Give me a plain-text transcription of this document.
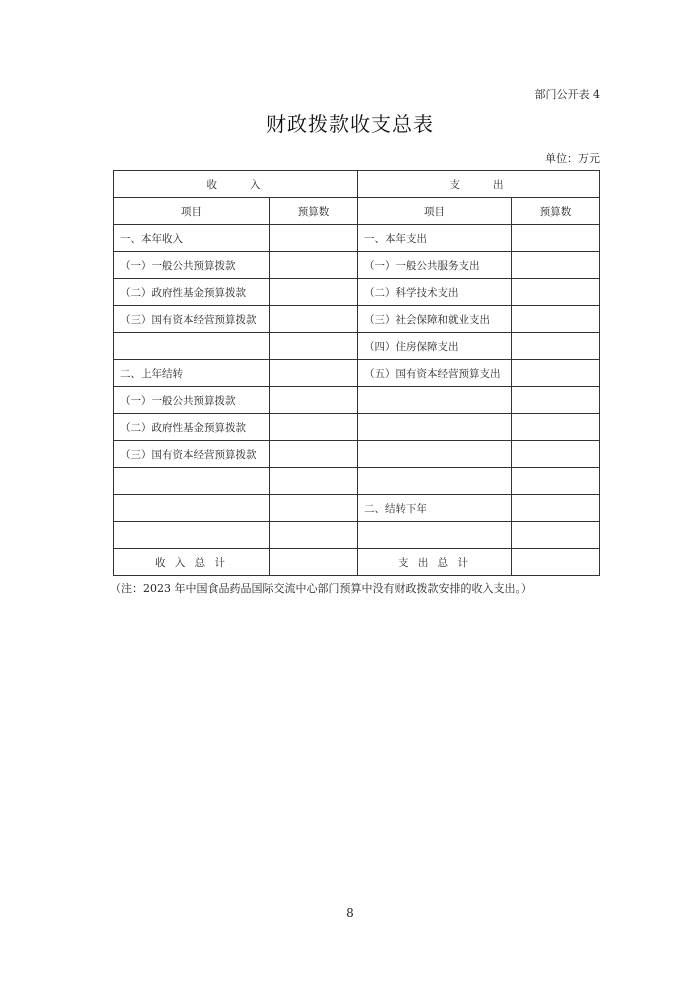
部门公开表 4
财政拨款收支总表
单位：万元
收　　入		支　　出	
项目	预算数	项目	预算数
一、本年收入		一、本年支出	
（一）一般公共预算拨款		（一）一般公共服务支出	
（二）政府性基金预算拨款		（二）科学技术支出	
（三）国有资本经营预算拨款		（三）社会保障和就业支出	
		（四）住房保障支出	
二、上年结转		（五）国有资本经营预算支出	
（一）一般公共预算拨款			
（二）政府性基金预算拨款			
（三）国有资本经营预算拨款			

		二、结转下年	

收 入 总 计		支 出 总 计	
（注：2023 年中国食品药品国际交流中心部门预算中没有财政拨款安排的收入支出。）
8
